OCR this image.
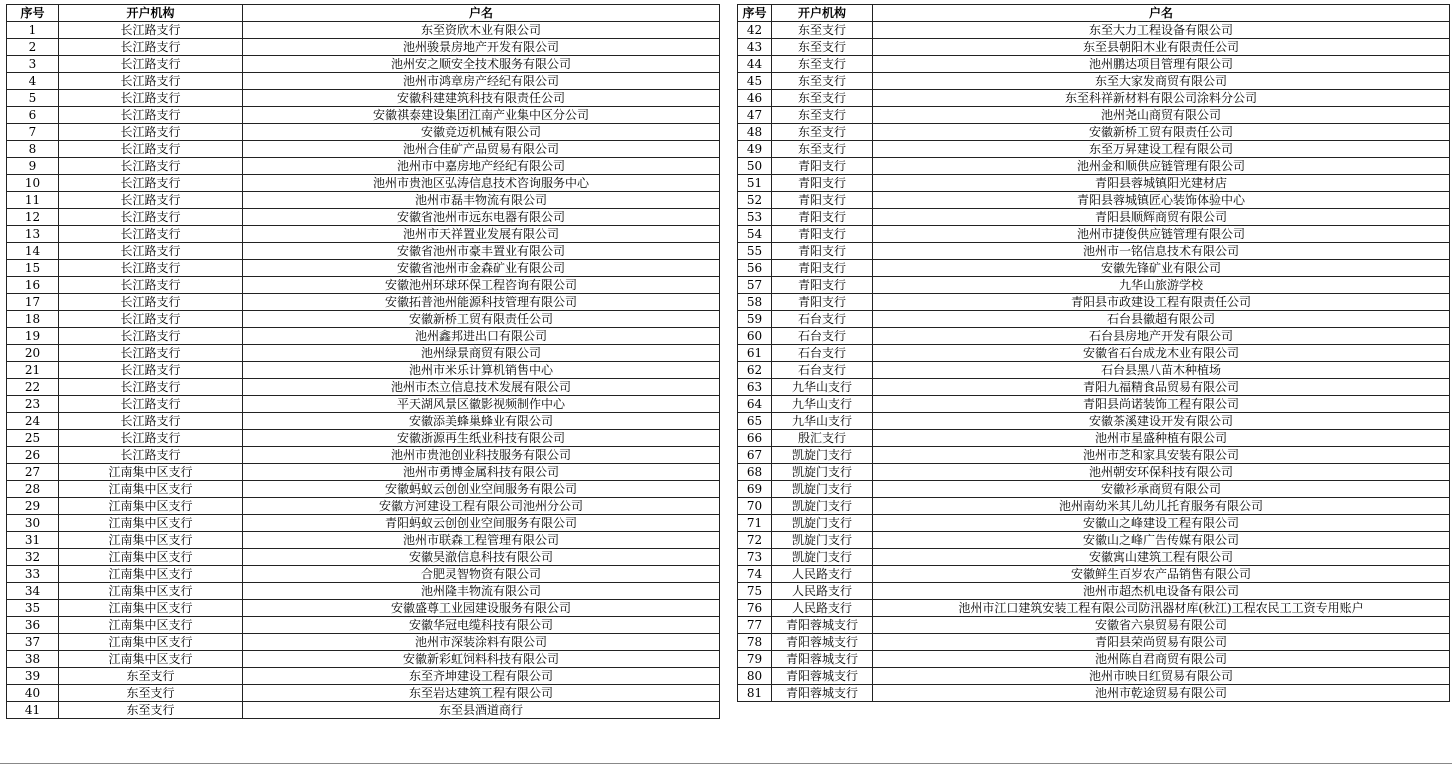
序号	开户机构	户名
1	长江路支行	东至资欣木业有限公司
2	长江路支行	池州骏景房地产开发有限公司
3	长江路支行	池州安之顺安全技术服务有限公司
4	长江路支行	池州市鸿章房产经纪有限公司
5	长江路支行	安徽科建建筑科技有限责任公司
6	长江路支行	安徽祺泰建设集团江南产业集中区分公司
7	长江路支行	安徽竞迈机械有限公司
8	长江路支行	池州合佳矿产品贸易有限公司
9	长江路支行	池州市中嘉房地产经纪有限公司
10	长江路支行	池州市贵池区弘涛信息技术咨询服务中心
11	长江路支行	池州市磊丰物流有限公司
12	长江路支行	安徽省池州市远东电器有限公司
13	长江路支行	池州市天祥置业发展有限公司
14	长江路支行	安徽省池州市豪丰置业有限公司
15	长江路支行	安徽省池州市金森矿业有限公司
16	长江路支行	安徽池州环球环保工程咨询有限公司
17	长江路支行	安徽拓普池州能源科技管理有限公司
18	长江路支行	安徽新桥工贸有限责任公司
19	长江路支行	池州鑫邦进出口有限公司
20	长江路支行	池州绿景商贸有限公司
21	长江路支行	池州市米乐计算机销售中心
22	长江路支行	池州市杰立信息技术发展有限公司
23	长江路支行	平天湖风景区徽影视频制作中心
24	长江路支行	安徽添美蜂巢蜂业有限公司
25	长江路支行	安徽浙源再生纸业科技有限公司
26	长江路支行	池州市贵池创业科技服务有限公司
27	江南集中区支行	池州市勇博金属科技有限公司
28	江南集中区支行	安徽蚂蚁云创创业空间服务有限公司
29	江南集中区支行	安徽方河建设工程有限公司池州分公司
30	江南集中区支行	青阳蚂蚁云创创业空间服务有限公司
31	江南集中区支行	池州市联森工程管理有限公司
32	江南集中区支行	安徽昊澈信息科技有限公司
33	江南集中区支行	合肥灵智物资有限公司
34	江南集中区支行	池州隆丰物流有限公司
35	江南集中区支行	安徽盛尊工业园建设服务有限公司
36	江南集中区支行	安徽华冠电缆科技有限公司
37	江南集中区支行	池州市深装涂料有限公司
38	江南集中区支行	安徽新彩虹饲料科技有限公司
39	东至支行	东至齐坤建设工程有限公司
40	东至支行	东至岩达建筑工程有限公司
41	东至支行	东至县酒道商行
序号	开户机构	户名
42	东至支行	东至大力工程设备有限公司
43	东至支行	东至县朝阳木业有限责任公司
44	东至支行	池州鹏达项目管理有限公司
45	东至支行	东至大家发商贸有限公司
46	东至支行	东至科祥新材料有限公司涂料分公司
47	东至支行	池州尧山商贸有限公司
48	东至支行	安徽新桥工贸有限责任公司
49	东至支行	东至万昇建设工程有限公司
50	青阳支行	池州金和顺供应链管理有限公司
51	青阳支行	青阳县蓉城镇阳光建材店
52	青阳支行	青阳县蓉城镇匠心装饰体验中心
53	青阳支行	青阳县顺辉商贸有限公司
54	青阳支行	池州市捷俊供应链管理有限公司
55	青阳支行	池州市一铭信息技术有限公司
56	青阳支行	安徽先锋矿业有限公司
57	青阳支行	九华山旅游学校
58	青阳支行	青阳县市政建设工程有限责任公司
59	石台支行	石台县徽超有限公司
60	石台支行	石台县房地产开发有限公司
61	石台支行	安徽省石台成龙木业有限公司
62	石台支行	石台县黑八苗木种植场
63	九华山支行	青阳九福精食品贸易有限公司
64	九华山支行	青阳县尚诺装饰工程有限公司
65	九华山支行	安徽茶溪建设开发有限公司
66	殷汇支行	池州市星盛种植有限公司
67	凯旋门支行	池州市芝和家具安装有限公司
68	凯旋门支行	池州朝安环保科技有限公司
69	凯旋门支行	安徽衫承商贸有限公司
70	凯旋门支行	池州南幼米其儿幼儿托育服务有限公司
71	凯旋门支行	安徽山之峰建设工程有限公司
72	凯旋门支行	安徽山之峰广告传媒有限公司
73	凯旋门支行	安徽寓山建筑工程有限公司
74	人民路支行	安徽鲜生百岁农产品销售有限公司
75	人民路支行	池州市超杰机电设备有限公司
76	人民路支行	池州市江口建筑安装工程有限公司防汛器材库(秋江)工程农民工工资专用账户
77	青阳蓉城支行	安徽省六泉贸易有限公司
78	青阳蓉城支行	青阳县荣尚贸易有限公司
79	青阳蓉城支行	池州陈自君商贸有限公司
80	青阳蓉城支行	池州市映日红贸易有限公司
81	青阳蓉城支行	池州市乾途贸易有限公司
